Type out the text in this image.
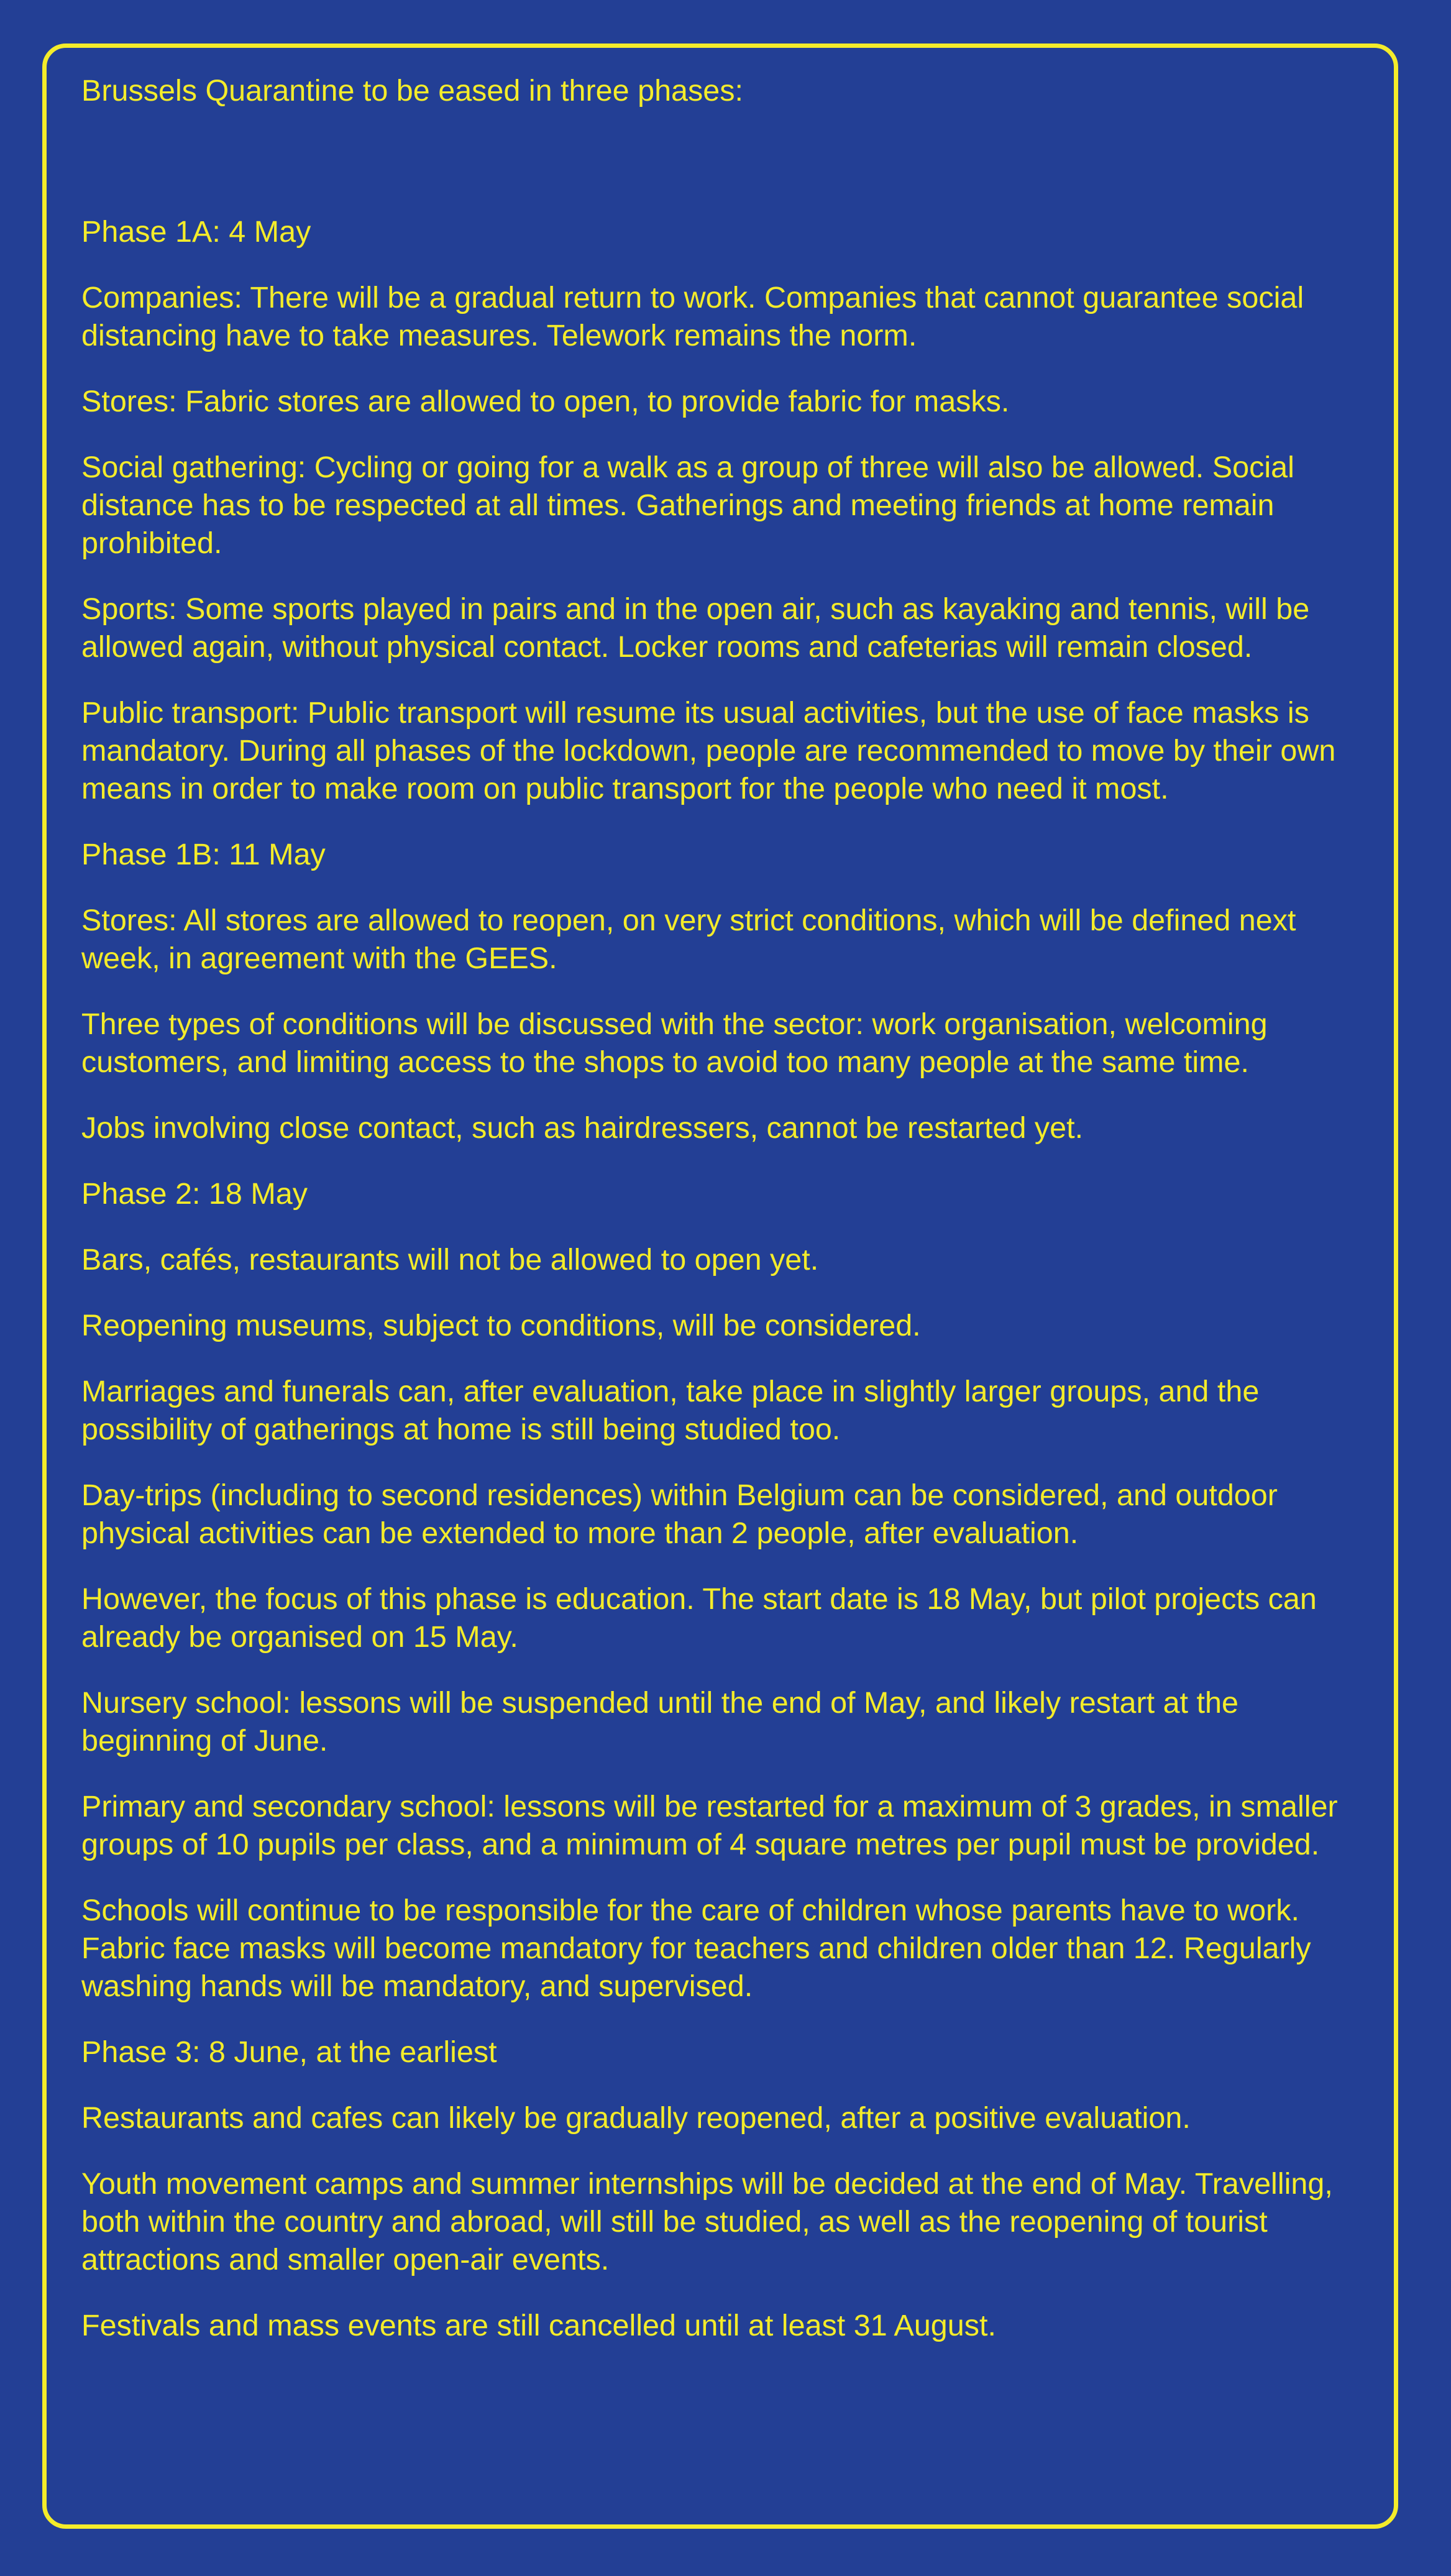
Brussels Quarantine to be eased in three phases:

Phase 1A: 4 May

Companies: There will be a gradual return to work. Companies that cannot guarantee social distancing have to take measures. Telework remains the norm.

Stores: Fabric stores are allowed to open, to provide fabric for masks.

Social gathering: Cycling or going for a walk as a group of three will also be allowed. Social distance has to be respected at all times. Gatherings and meeting friends at home remain prohibited.

Sports: Some sports played in pairs and in the open air, such as kayaking and tennis, will be allowed again, without physical contact. Locker rooms and cafeterias will remain closed.

Public transport: Public transport will resume its usual activities, but the use of face masks is mandatory. During all phases of the lockdown, people are recommended to move by their own means in order to make room on public transport for the people who need it most.

Phase 1B: 11 May

Stores: All stores are allowed to reopen, on very strict conditions, which will be defined next week, in agreement with the GEES.

Three types of conditions will be discussed with the sector: work organisation, welcoming customers, and limiting access to the shops to avoid too many people at the same time.

Jobs involving close contact, such as hairdressers, cannot be restarted yet.

Phase 2: 18 May

Bars, cafés, restaurants will not be allowed to open yet.

Reopening museums, subject to conditions, will be considered.

Marriages and funerals can, after evaluation, take place in slightly larger groups, and the possibility of gatherings at home is still being studied too.

Day-trips (including to second residences) within Belgium can be considered, and outdoor physical activities can be extended to more than 2 people, after evaluation.

However, the focus of this phase is education. The start date is 18 May, but pilot projects can already be organised on 15 May.

Nursery school: lessons will be suspended until the end of May, and likely restart at the beginning of June.

Primary and secondary school: lessons will be restarted for a maximum of 3 grades, in smaller groups of 10 pupils per class, and a minimum of 4 square metres per pupil must be provided.

Schools will continue to be responsible for the care of children whose parents have to work. Fabric face masks will become mandatory for teachers and children older than 12. Regularly washing hands will be mandatory, and supervised.

Phase 3: 8 June, at the earliest

Restaurants and cafes can likely be gradually reopened, after a positive evaluation.

Youth movement camps and summer internships will be decided at the end of May. Travelling, both within the country and abroad, will still be studied, as well as the reopening of tourist attractions and smaller open-air events.

Festivals and mass events are still cancelled until at least 31 August.
